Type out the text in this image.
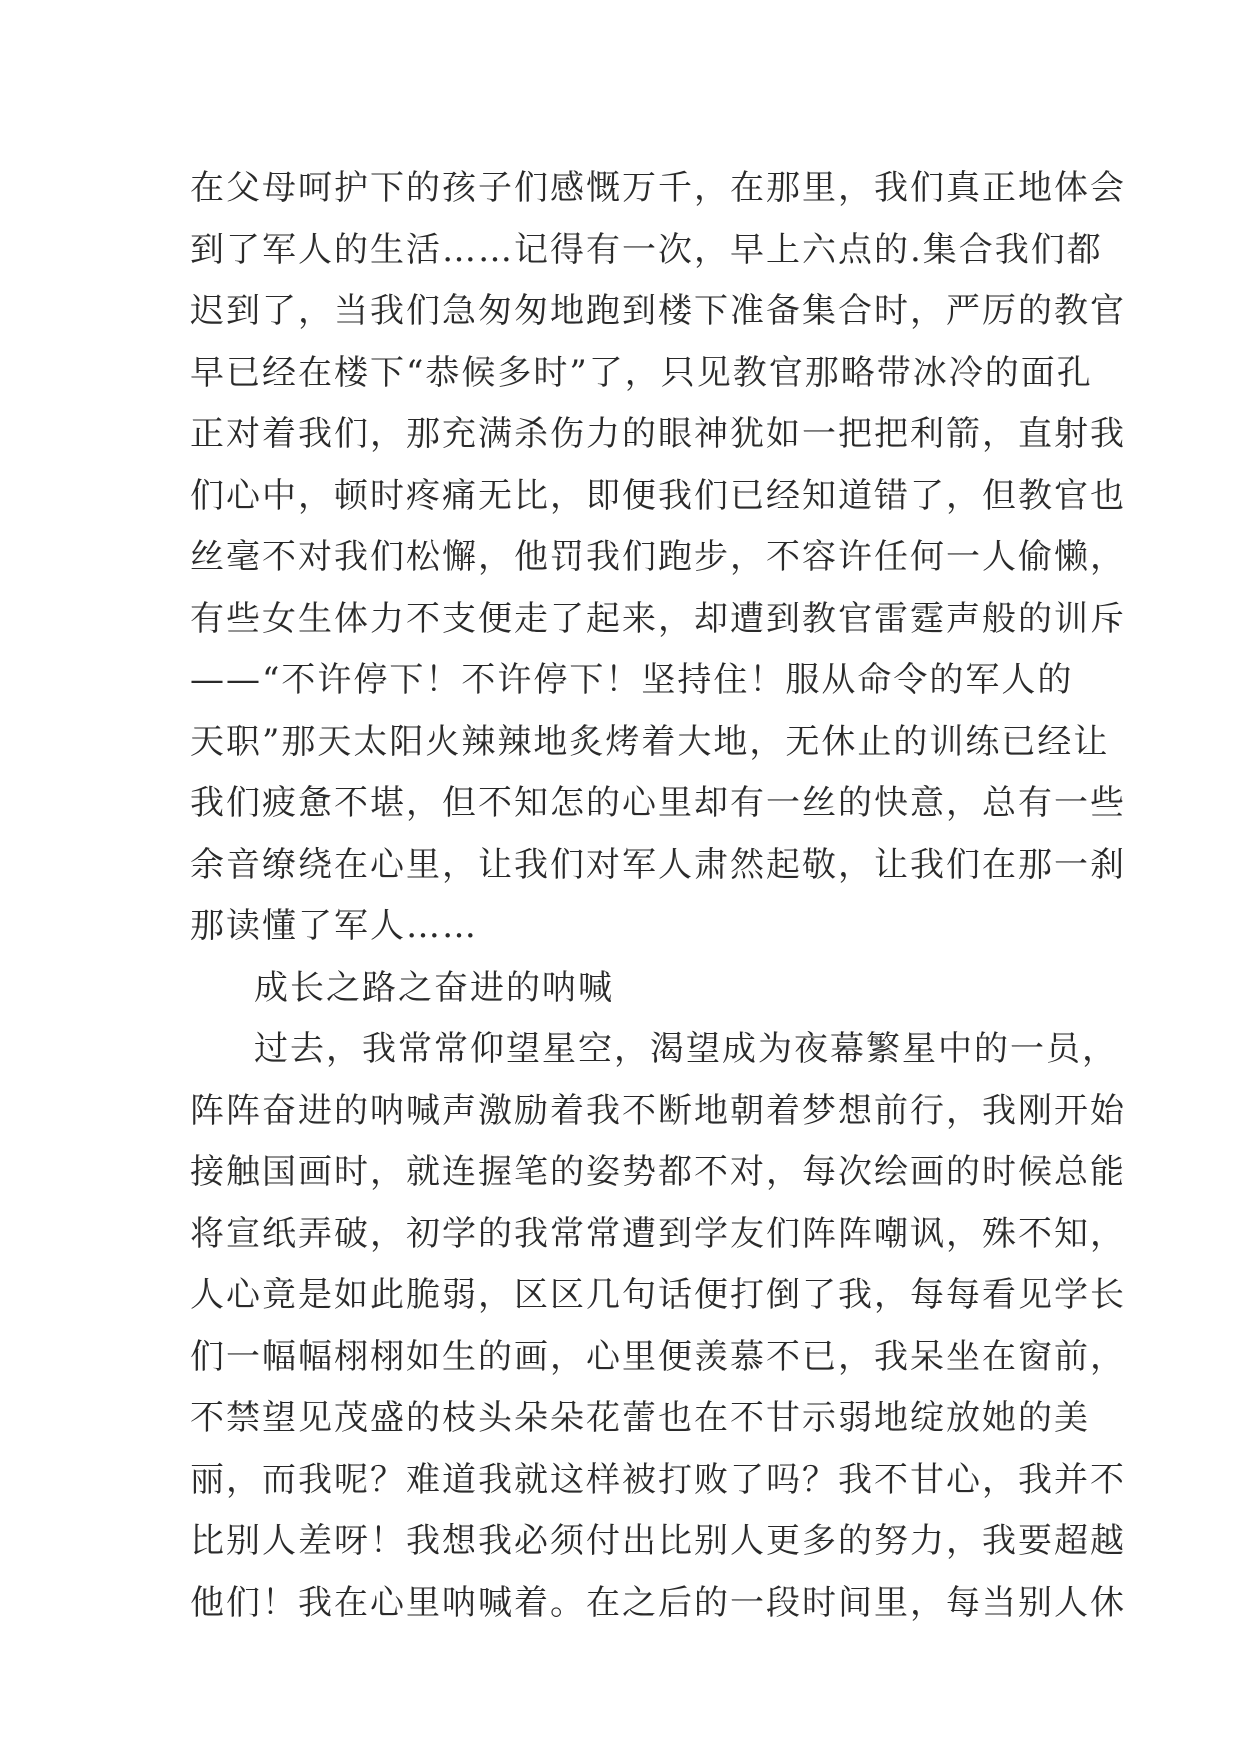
在父母呵护下的孩子们感慨万千，在那里，我们真正地体会
到了军人的生活……记得有一次，早上六点的.集合我们都
迟到了，当我们急匆匆地跑到楼下准备集合时，严厉的教官
早已经在楼下“恭候多时”了，只见教官那略带冰冷的面孔
正对着我们，那充满杀伤力的眼神犹如一把把利箭，直射我
们心中，顿时疼痛无比，即便我们已经知道错了，但教官也
丝毫不对我们松懈，他罚我们跑步，不容许任何一人偷懒，
有些女生体力不支便走了起来，却遭到教官雷霆声般的训斥
——“不许停下！不许停下！坚持住！服从命令的军人的
天职”那天太阳火辣辣地炙烤着大地，无休止的训练已经让
我们疲惫不堪，但不知怎的心里却有一丝的快意，总有一些
余音缭绕在心里，让我们对军人肃然起敬，让我们在那一刹
那读懂了军人……
成长之路之奋进的呐喊
过去，我常常仰望星空，渴望成为夜幕繁星中的一员，
阵阵奋进的呐喊声激励着我不断地朝着梦想前行，我刚开始
接触国画时，就连握笔的姿势都不对，每次绘画的时候总能
将宣纸弄破，初学的我常常遭到学友们阵阵嘲讽，殊不知，
人心竟是如此脆弱，区区几句话便打倒了我，每每看见学长
们一幅幅栩栩如生的画，心里便羡慕不已，我呆坐在窗前，
不禁望见茂盛的枝头朵朵花蕾也在不甘示弱地绽放她的美
丽，而我呢？难道我就这样被打败了吗？我不甘心，我并不
比别人差呀！我想我必须付出比别人更多的努力，我要超越
他们！我在心里呐喊着。在之后的一段时间里，每当别人休
